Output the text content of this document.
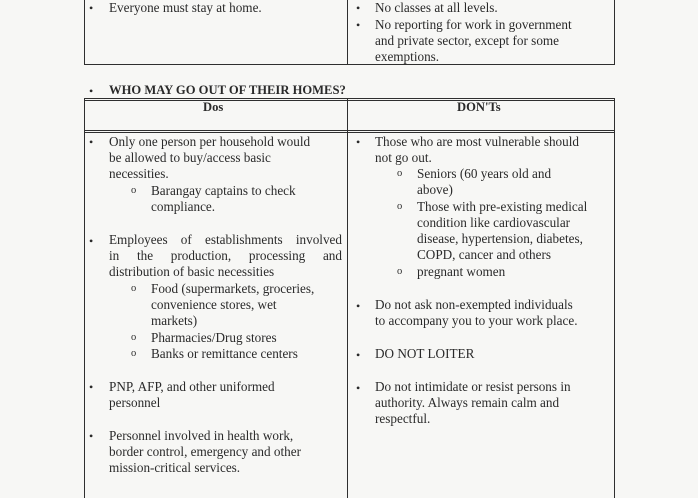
• Everyone must stay at home.	• No classes at all levels.
• No reporting for work in government
and private sector, except for some
exemptions.
• WHO MAY GO OUT OF THEIR HOMES?
Dos	DON'Ts
• Only one person per household would
be allowed to buy/access basic
necessities.
o Barangay captains to check
compliance.
• Employees of establishments involved
in the production, processing and
distribution of basic necessities
o Food (supermarkets, groceries,
convenience stores, wet
markets)
o Pharmacies/Drug stores
o Banks or remittance centers
• PNP, AFP, and other uniformed
personnel
• Personnel involved in health work,
border control, emergency and other
mission-critical services.
• Those who are most vulnerable should
not go out.
o Seniors (60 years old and
above)
o Those with pre-existing medical
condition like cardiovascular
disease, hypertension, diabetes,
COPD, cancer and others
o pregnant women
• Do not ask non-exempted individuals
to accompany you to your work place.
• DO NOT LOITER
• Do not intimidate or resist persons in
authority. Always remain calm and
respectful.
